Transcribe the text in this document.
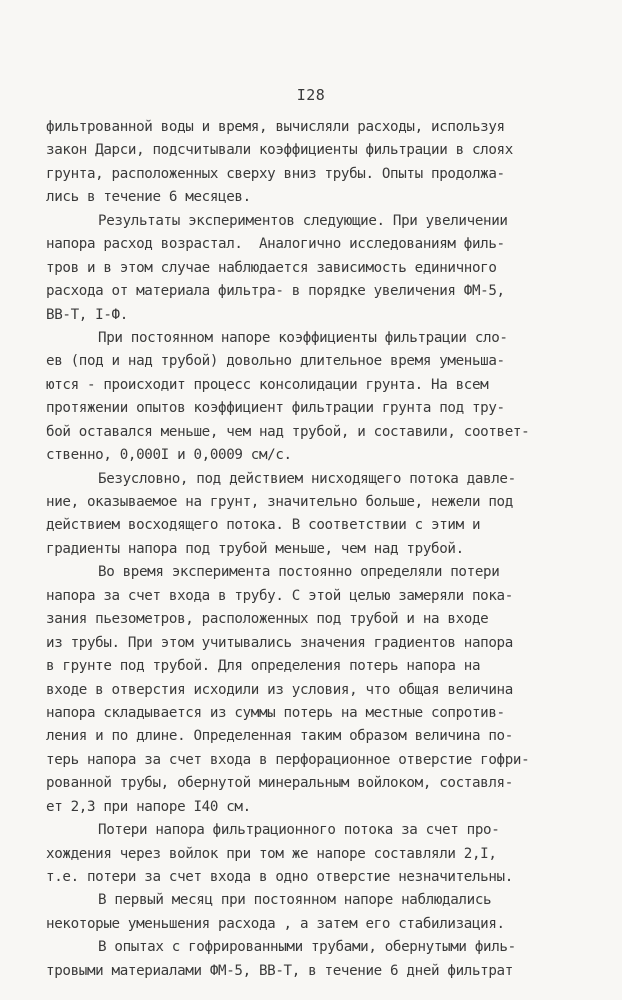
I28
фильтрованной воды и время, вычисляли расходы, используя
закон Дарси, подсчитывали коэффициенты фильтрации в слоях
грунта, расположенных сверху вниз трубы. Опыты продолжа-
лись в течение 6 месяцев.
Результаты экспериментов следующие. При увеличении
напора расход возрастал.  Аналогично исследованиям филь-
тров и в этом случае наблюдается зависимость единичного
расхода от материала фильтра- в порядке увеличения ФМ-5,
ВВ-Т, I-Ф.
При постоянном напоре коэффициенты фильтрации сло-
ев (под и над трубой) довольно длительное время уменьша-
ются - происходит процесс консолидации грунта. На всем
протяжении опытов коэффициент фильтрации грунта под тру-
бой оставался меньше, чем над трубой, и составили, соответ-
ственно, 0,000I и 0,0009 см/с.
Безусловно, под действием нисходящего потока давле-
ние, оказываемое на грунт, значительно больше, нежели под
действием восходящего потока. В соответствии с этим и
градиенты напора под трубой меньше, чем над трубой.
Во время эксперимента постоянно определяли потери
напора за счет входа в трубу. С этой целью замеряли пока-
зания пьезометров, расположенных под трубой и на входе
из трубы. При этом учитывались значения градиентов напора
в грунте под трубой. Для определения потерь напора на
входе в отверстия исходили из условия, что общая величина
напора складывается из суммы потерь на местные сопротив-
ления и по длине. Определенная таким образом величина по-
терь напора за счет входа в перфорационное отверстие гофри-
рованной трубы, обернутой минеральным войлоком, составля-
ет 2,3 при напоре I40 см.
Потери напора фильтрационного потока за счет про-
хождения через войлок при том же напоре составляли 2,I,
т.е. потери за счет входа в одно отверстие незначительны.
В первый месяц при постоянном напоре наблюдались
некоторые уменьшения расхода , а затем его стабилизация.
В опытах с гофрированными трубами, обернутыми филь-
тровыми материалами ФМ-5, ВВ-Т, в течение 6 дней фильтрат
